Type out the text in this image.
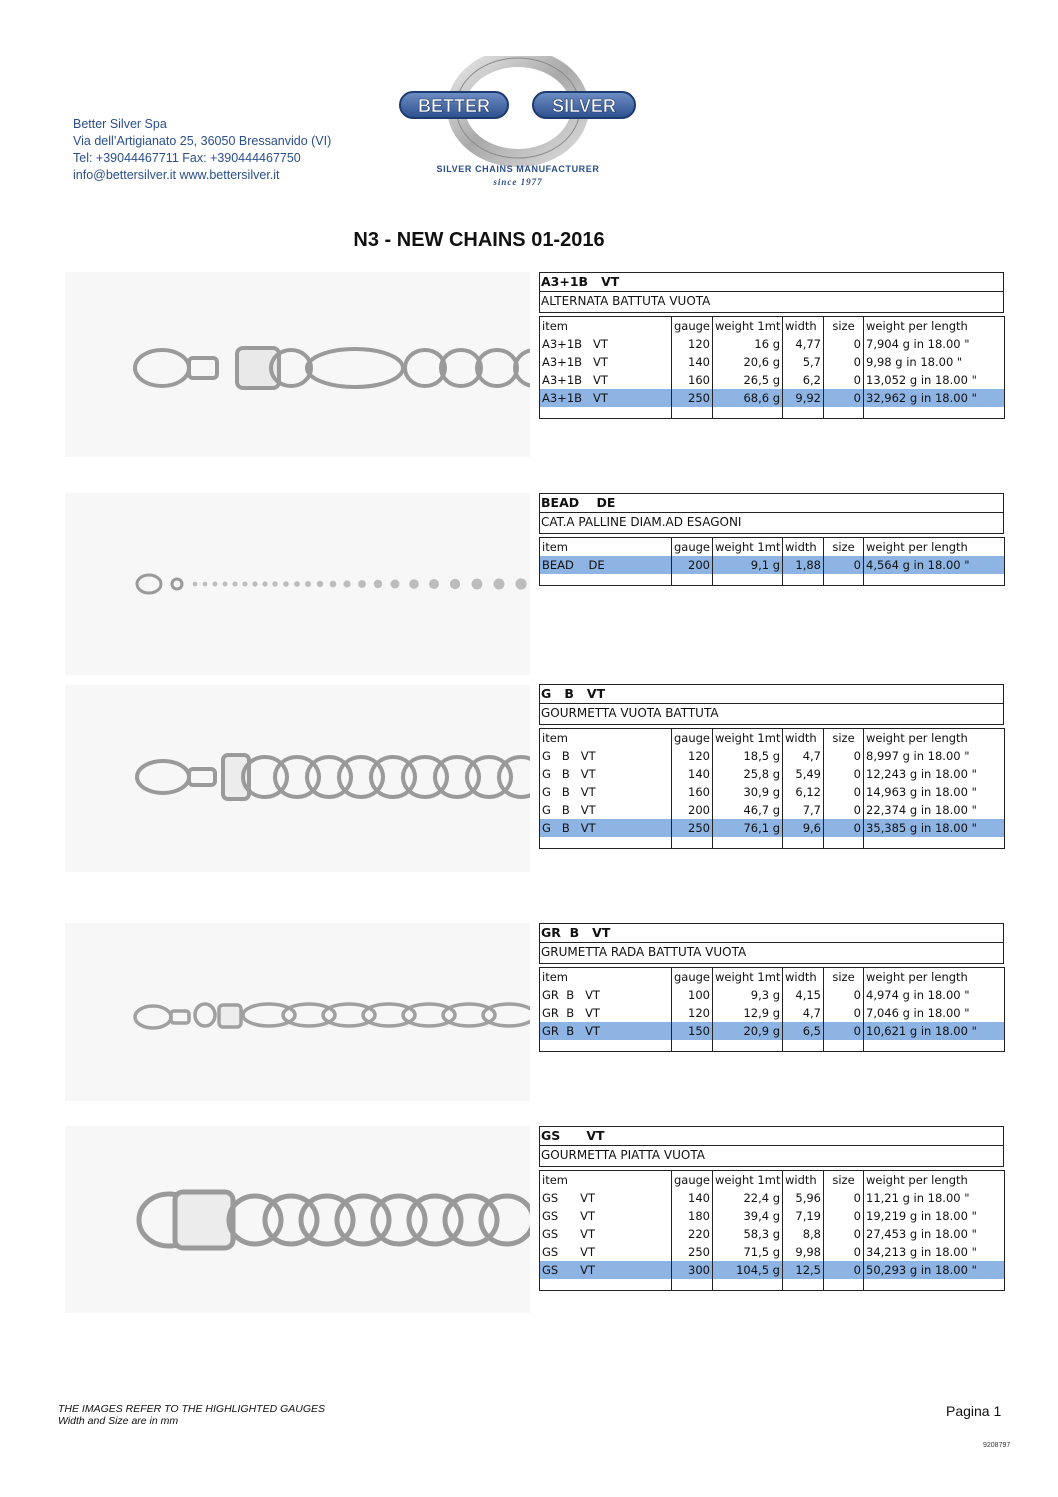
Better Silver Spa
Via dell’Artigianato 25, 36050 Bressanvido (VI)
Tel: +39044467711 Fax: +390444467750
info@bettersilver.it www.bettersilver.it
BETTER	SILVER
SILVER CHAINS MANUFACTURER
since 1977
N3 - NEW CHAINS 01-2016
A3+1B   VT
ALTERNATA BATTUTA VUOTA
item	gauge	weight 1mt	width	size	weight per length
A3+1B   VT	120	16 g	4,77	0	7,904 g in 18.00 "
A3+1B   VT	140	20,6 g	5,7	0	9,98 g in 18.00 "
A3+1B   VT	160	26,5 g	6,2	0	13,052 g in 18.00 "
A3+1B   VT	250	68,6 g	9,92	0	32,962 g in 18.00 "

BEAD    DE
CAT.A PALLINE DIAM.AD ESAGONI
item	gauge	weight 1mt	width	size	weight per length
BEAD    DE	200	9,1 g	1,88	0	4,564 g in 18.00 "

G   B   VT
GOURMETTA VUOTA BATTUTA
item	gauge	weight 1mt	width	size	weight per length
G   B   VT	120	18,5 g	4,7	0	8,997 g in 18.00 "
G   B   VT	140	25,8 g	5,49	0	12,243 g in 18.00 "
G   B   VT	160	30,9 g	6,12	0	14,963 g in 18.00 "
G   B   VT	200	46,7 g	7,7	0	22,374 g in 18.00 "
G   B   VT	250	76,1 g	9,6	0	35,385 g in 18.00 "

GR  B   VT
GRUMETTA RADA BATTUTA VUOTA
item	gauge	weight 1mt	width	size	weight per length
GR  B   VT	100	9,3 g	4,15	0	4,974 g in 18.00 "
GR  B   VT	120	12,9 g	4,7	0	7,046 g in 18.00 "
GR  B   VT	150	20,9 g	6,5	0	10,621 g in 18.00 "

GS      VT
GOURMETTA PIATTA VUOTA
item	gauge	weight 1mt	width	size	weight per length
GS      VT	140	22,4 g	5,96	0	11,21 g in 18.00 "
GS      VT	180	39,4 g	7,19	0	19,219 g in 18.00 "
GS      VT	220	58,3 g	8,8	0	27,453 g in 18.00 "
GS      VT	250	71,5 g	9,98	0	34,213 g in 18.00 "
GS      VT	300	104,5 g	12,5	0	50,293 g in 18.00 "

THE IMAGES REFER TO THE HIGHLIGHTED GAUGES
Width and Size are in mm
Pagina 1
9208797
